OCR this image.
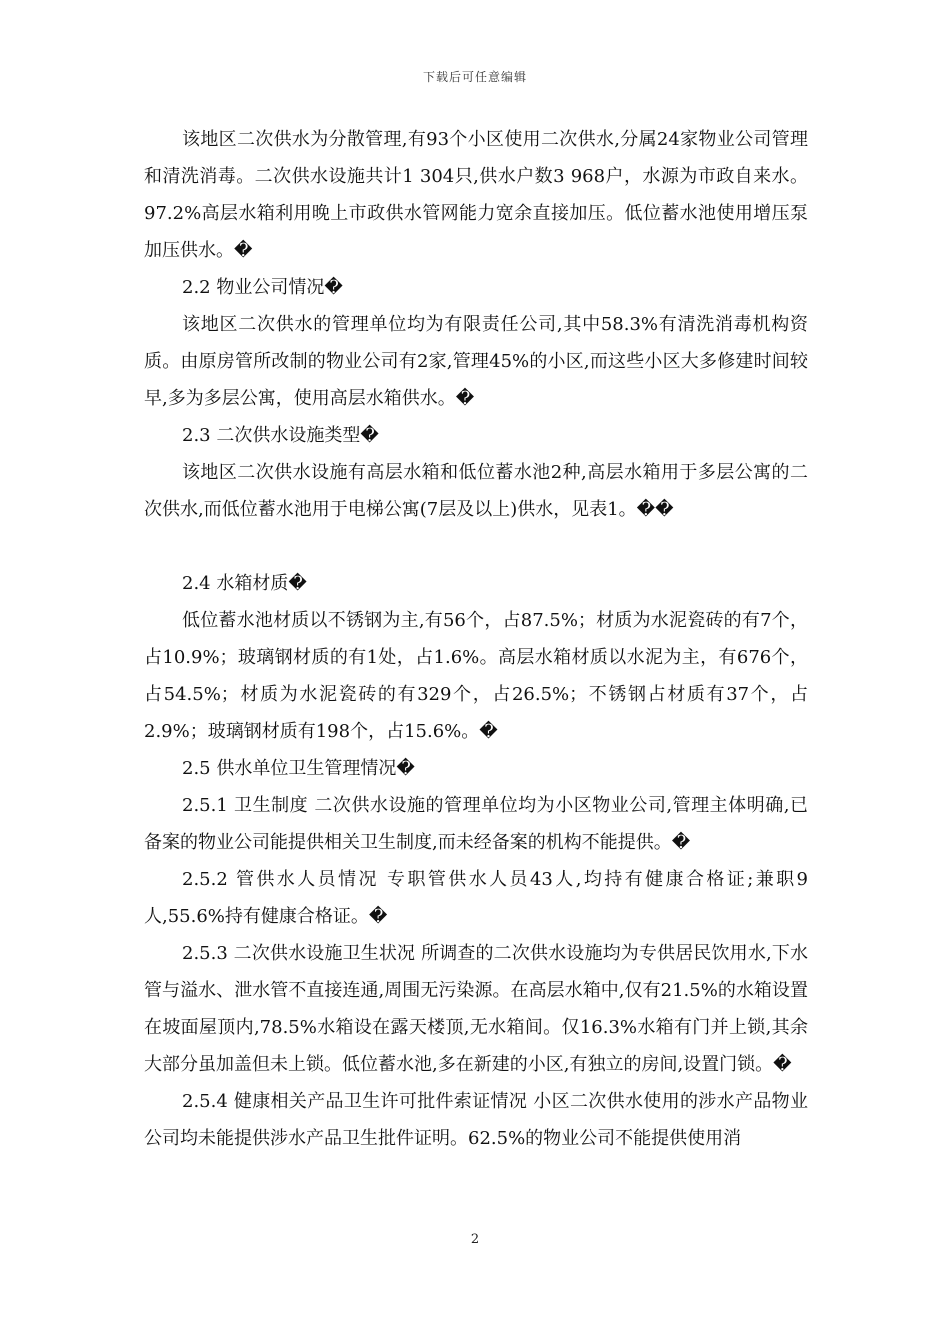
下载后可任意编辑

该地区二次供水为分散管理,有93个小区使用二次供水,分属24家物业公司管理和清洗消毒。二次供水设施共计1 304只,供水户数3 968户，水源为市政自来水。97.2%高层水箱利用晚上市政供水管网能力宽余直接加压。低位蓄水池使用增压泵加压供水。�

2.2 物业公司情况�

该地区二次供水的管理单位均为有限责任公司,其中58.3%有清洗消毒机构资质。由原房管所改制的物业公司有2家,管理45%的小区,而这些小区大多修建时间较早,多为多层公寓，使用高层水箱供水。�

2.3 二次供水设施类型�

该地区二次供水设施有高层水箱和低位蓄水池2种,高层水箱用于多层公寓的二次供水,而低位蓄水池用于电梯公寓(7层及以上)供水，见表1。��

2.4 水箱材质�

低位蓄水池材质以不锈钢为主,有56个，占87.5%；材质为水泥瓷砖的有7个，占10.9%；玻璃钢材质的有1处，占1.6%。高层水箱材质以水泥为主，有676个，占54.5%；材质为水泥瓷砖的有329个，占26.5%；不锈钢占材质有37个，占2.9%；玻璃钢材质有198个，占15.6%。�

2.5 供水单位卫生管理情况�

2.5.1 卫生制度 二次供水设施的管理单位均为小区物业公司,管理主体明确,已备案的物业公司能提供相关卫生制度,而未经备案的机构不能提供。�

2.5.2 管供水人员情况 专职管供水人员43人,均持有健康合格证;兼职9人,55.6%持有健康合格证。�

2.5.3 二次供水设施卫生状况 所调查的二次供水设施均为专供居民饮用水,下水管与溢水、泄水管不直接连通,周围无污染源。在高层水箱中,仅有21.5%的水箱设置在坡面屋顶内,78.5%水箱设在露天楼顶,无水箱间。仅16.3%水箱有门并上锁,其余大部分虽加盖但未上锁。低位蓄水池,多在新建的小区,有独立的房间,设置门锁。�

2.5.4 健康相关产品卫生许可批件索证情况 小区二次供水使用的涉水产品物业公司均未能提供涉水产品卫生批件证明。62.5%的物业公司不能提供使用消

2
